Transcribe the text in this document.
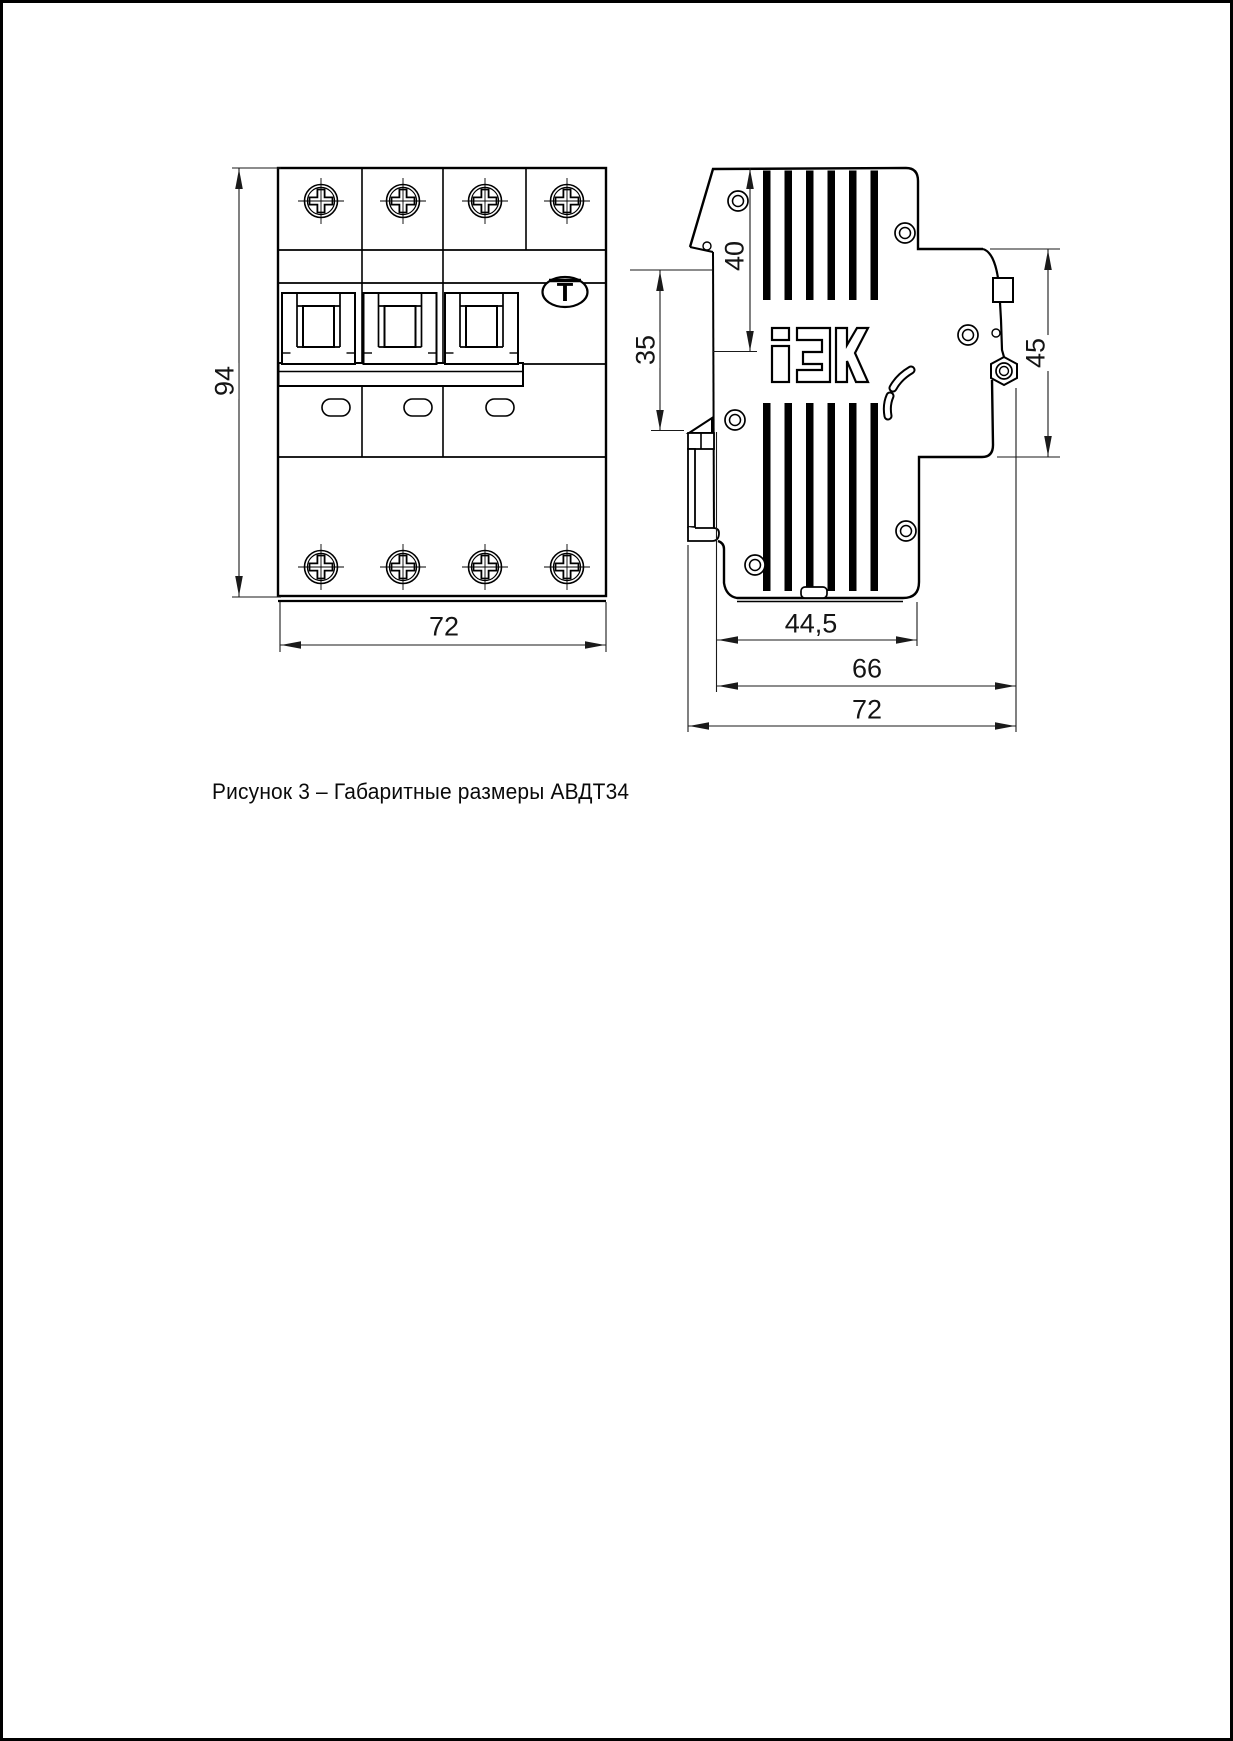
94
72
40
35	45
44,5
66
72
T
Рисунок 3 – Габаритные размеры АВДТ34
